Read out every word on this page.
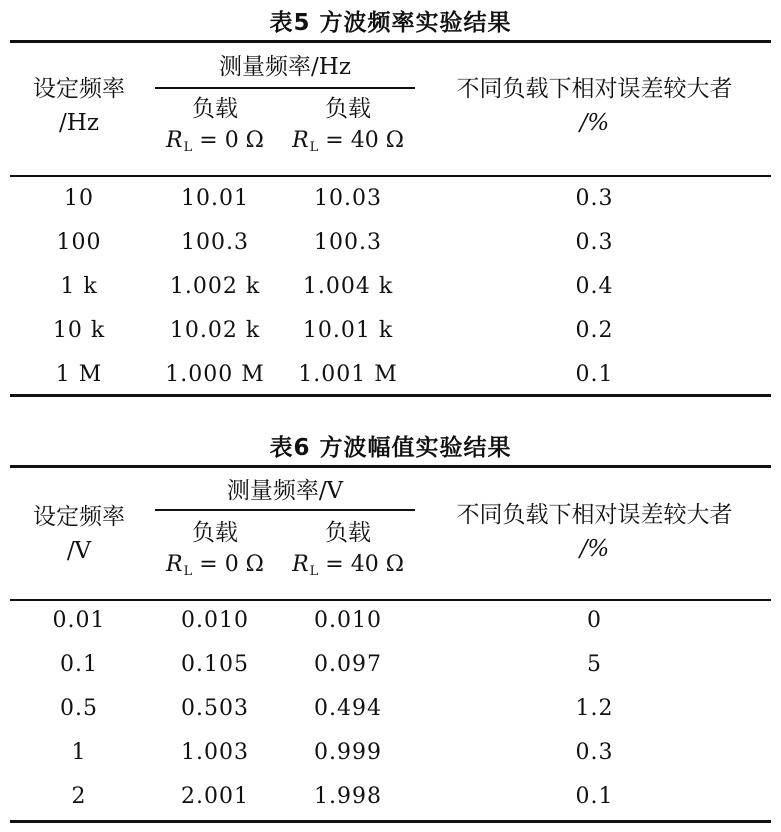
表5 方波频率实验结果
设定频率
/Hz
测量频率/Hz
负载
RL = 0 Ω
负载
RL = 40 Ω
不同负载下相对误差较大者
/%
10	10.01	10.03	0.3
100	100.3	100.3	0.3
1 k	1.002 k	1.004 k	0.4
10 k	10.02 k	10.01 k	0.2
1 M	1.000 M	1.001 M	0.1
表6 方波幅值实验结果
设定频率
/V
测量频率/V
负载
RL = 0 Ω
负载
RL = 40 Ω
不同负载下相对误差较大者
/%
0.01	0.010	0.010	0
0.1	0.105	0.097	5
0.5	0.503	0.494	1.2
1	1.003	0.999	0.3
2	2.001	1.998	0.1
